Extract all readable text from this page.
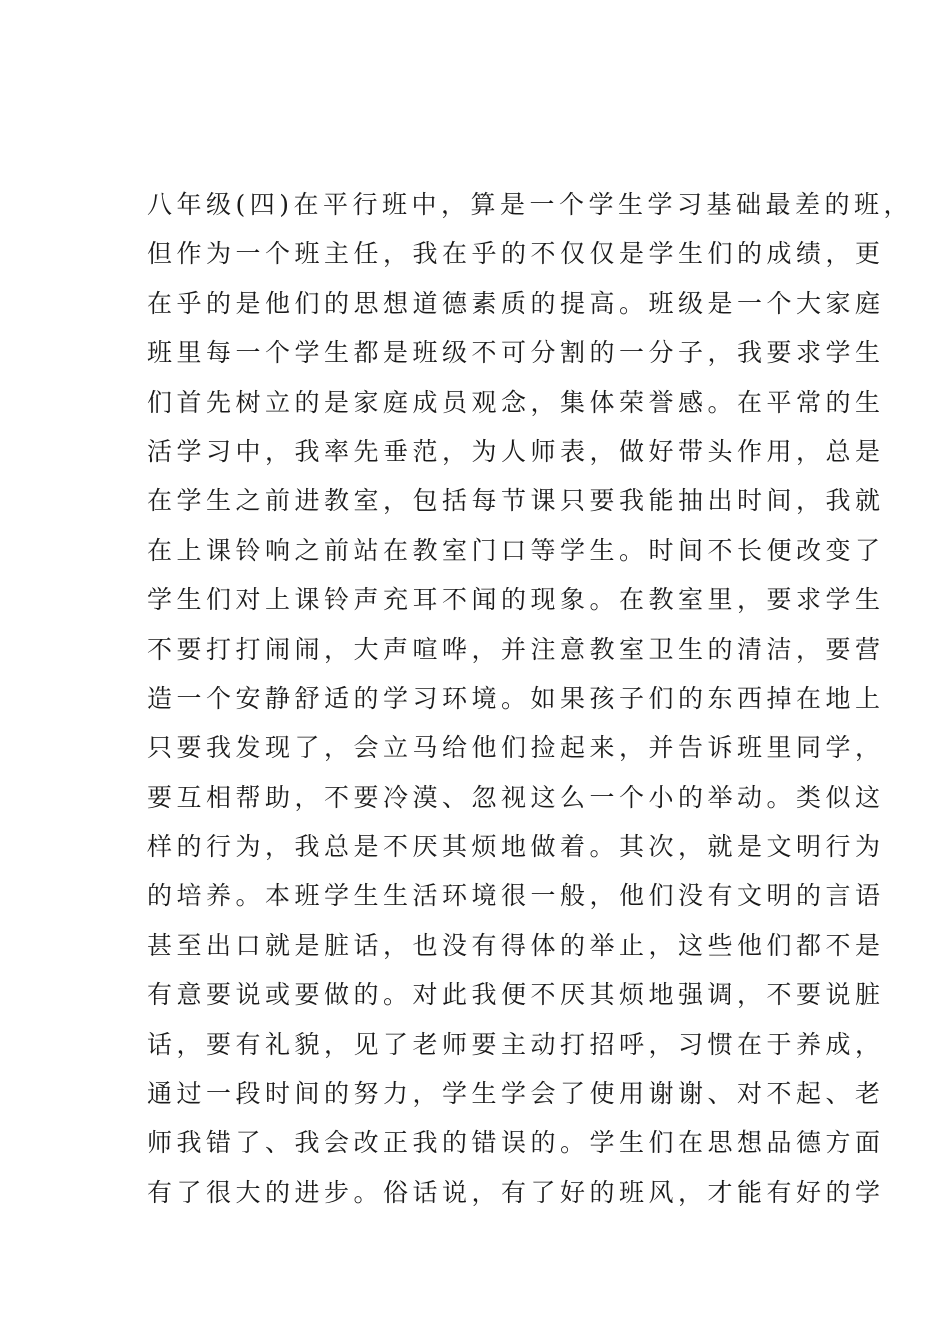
八年级(四)在平行班中，算是一个学生学习基础最差的班，
但作为一个班主任，我在乎的不仅仅是学生们的成绩，更
在乎的是他们的思想道德素质的提高。班级是一个大家庭
班里每一个学生都是班级不可分割的一分子，我要求学生
们首先树立的是家庭成员观念，集体荣誉感。在平常的生
活学习中，我率先垂范，为人师表，做好带头作用，总是
在学生之前进教室，包括每节课只要我能抽出时间，我就
在上课铃响之前站在教室门口等学生。时间不长便改变了
学生们对上课铃声充耳不闻的现象。在教室里，要求学生
不要打打闹闹，大声喧哗，并注意教室卫生的清洁，要营
造一个安静舒适的学习环境。如果孩子们的东西掉在地上
只要我发现了，会立马给他们捡起来，并告诉班里同学，
要互相帮助，不要冷漠、忽视这么一个小的举动。类似这
样的行为，我总是不厌其烦地做着。其次，就是文明行为
的培养。本班学生生活环境很一般，他们没有文明的言语
甚至出口就是脏话，也没有得体的举止，这些他们都不是
有意要说或要做的。对此我便不厌其烦地强调，不要说脏
话，要有礼貌，见了老师要主动打招呼，习惯在于养成，
通过一段时间的努力，学生学会了使用谢谢、对不起、老
师我错了、我会改正我的错误的。学生们在思想品德方面
有了很大的进步。俗话说，有了好的班风，才能有好的学
